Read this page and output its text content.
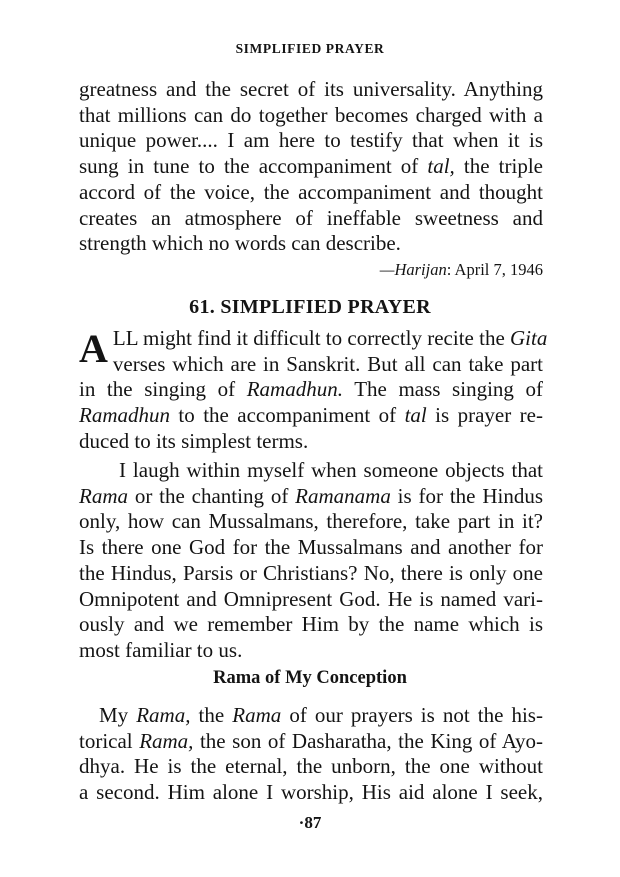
SIMPLIFIED PRAYER
greatness and the secret of its universality. Anything
that millions can do together becomes charged with a
unique power.... I am here to testify that when it is
sung in tune to the accompaniment of tal, the triple
accord of the voice, the accompaniment and thought
creates an atmosphere of ineffable sweetness and
strength which no words can describe.
—Harijan: April 7, 1946
61. SIMPLIFIED PRAYER
A LL might find it difficult to correctly recite the Gita
verses which are in Sanskrit. But all can take part
in the singing of Ramadhun. The mass singing of
Ramadhun to the accompaniment of tal is prayer re-
duced to its simplest terms.
I laugh within myself when someone objects that
Rama or the chanting of Ramanama is for the Hindus
only, how can Mussalmans, therefore, take part in it?
Is there one God for the Mussalmans and another for
the Hindus, Parsis or Christians? No, there is only one
Omnipotent and Omnipresent God. He is named vari-
ously and we remember Him by the name which is
most familiar to us.
Rama of My Conception
My Rama, the Rama of our prayers is not the his-
torical Rama, the son of Dasharatha, the King of Ayo-
dhya. He is the eternal, the unborn, the one without
a second. Him alone I worship, His aid alone I seek,
·87
